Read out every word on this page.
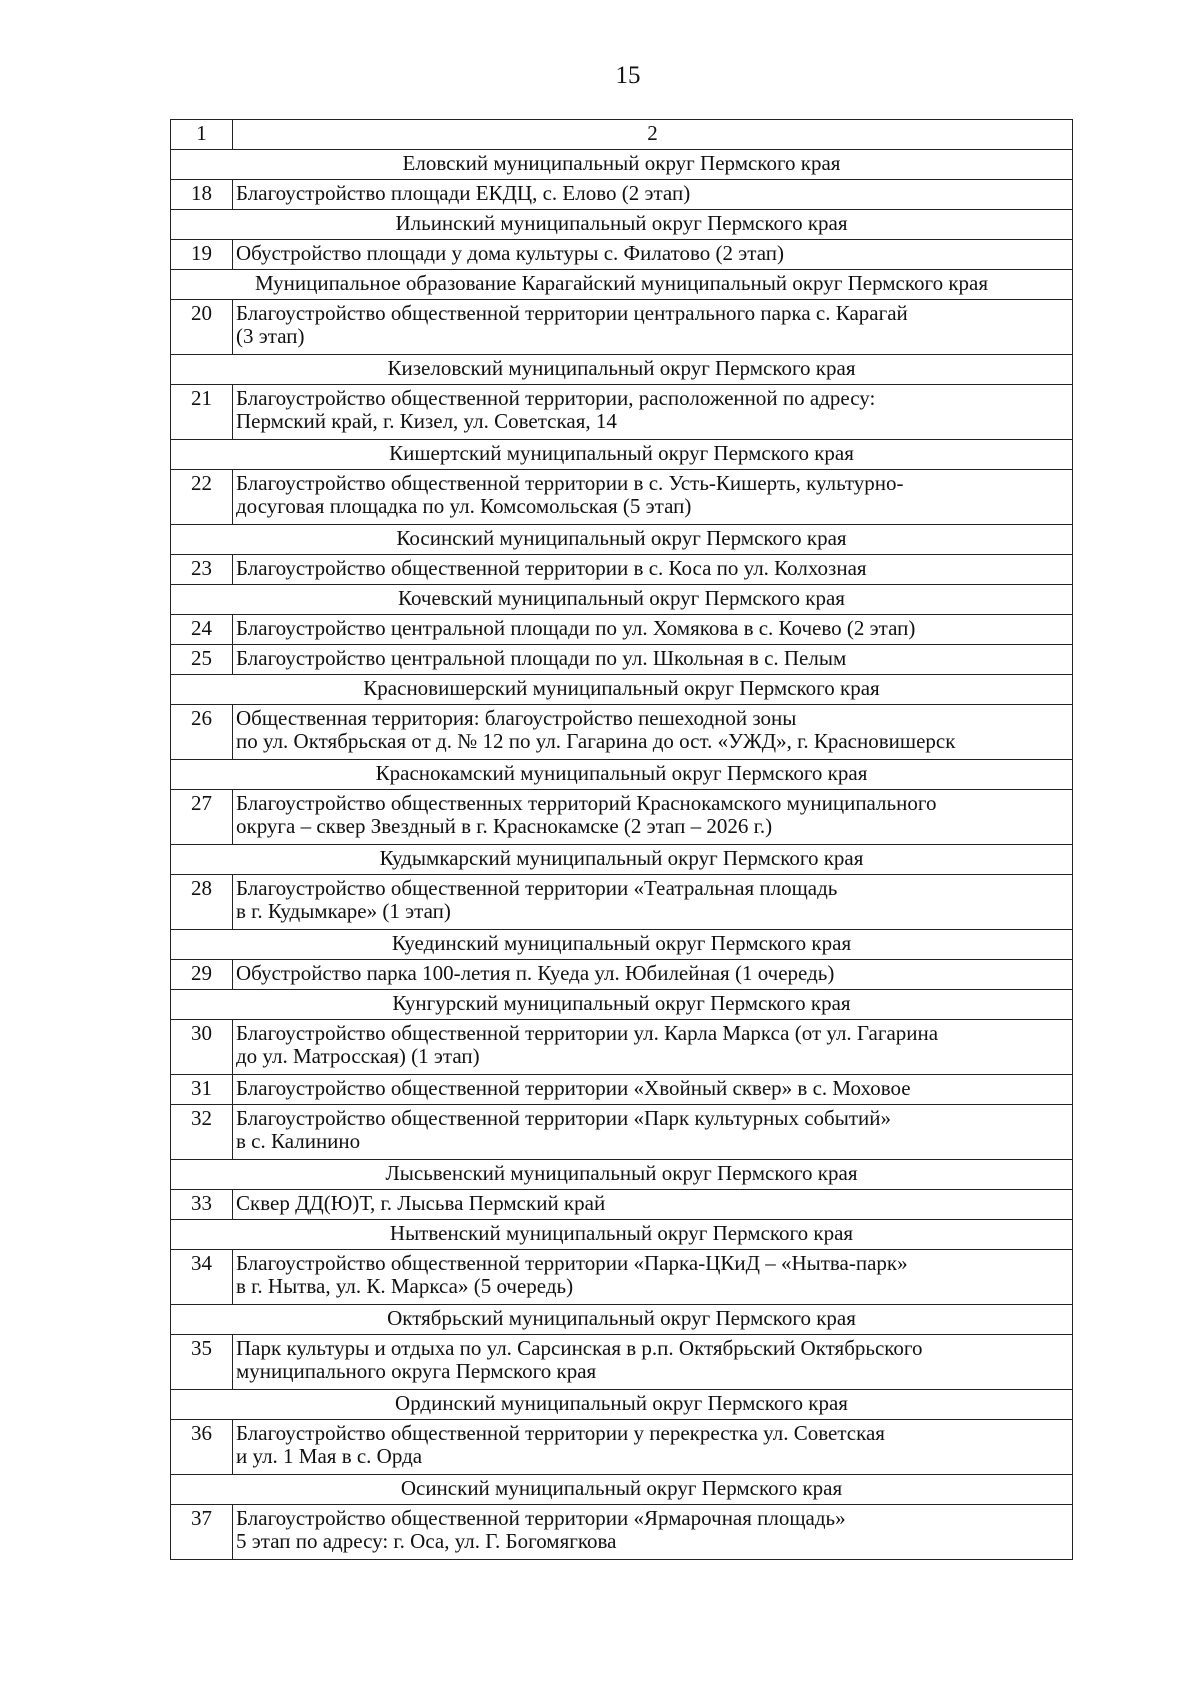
15
1	2
Еловский муниципальный округ Пермского края	
18	Благоустройство площади ЕКДЦ, с. Елово (2 этап)

Ильинский муниципальный округ Пермского края	
19	Обустройство площади у дома культуры с. Филатово (2 этап)

Муниципальное образование Карагайский муниципальный округ Пермского края	
20	Благоустройство общественной территории центрального парка с. Карагай
(3 этап)

Кизеловский муниципальный округ Пермского края	
21	Благоустройство общественной территории, расположенной по адресу:
Пермский край, г. Кизел, ул. Советская, 14

Кишертский муниципальный округ Пермского края	
22	Благоустройство общественной территории в с. Усть-Кишерть, культурно-
досуговая площадка по ул. Комсомольская (5 этап)

Косинский муниципальный округ Пермского края	
23	Благоустройство общественной территории в с. Коса по ул. Колхозная

Кочевский муниципальный округ Пермского края	
24	Благоустройство центральной площади по ул. Хомякова в с. Кочево (2 этап)

25	Благоустройство центральной площади по ул. Школьная в с. Пелым

Красновишерский муниципальный округ Пермского края	
26	Общественная территория: благоустройство пешеходной зоны
по ул. Октябрьская от д. № 12 по ул. Гагарина до ост. «УЖД», г. Красновишерск

Краснокамский муниципальный округ Пермского края	
27	Благоустройство общественных территорий Краснокамского муниципального
округа – сквер Звездный в г. Краснокамске (2 этап – 2026 г.)

Кудымкарский муниципальный округ Пермского края	
28	Благоустройство общественной территории «Театральная площадь
в г. Кудымкаре» (1 этап)

Куединский муниципальный округ Пермского края	
29	Обустройство парка 100-летия п. Куеда ул. Юбилейная (1 очередь)

Кунгурский муниципальный округ Пермского края	
30	Благоустройство общественной территории ул. Карла Маркса (от ул. Гагарина
до ул. Матросская) (1 этап)

31	Благоустройство общественной территории «Хвойный сквер» в с. Моховое

32	Благоустройство общественной территории «Парк культурных событий»
в с. Калинино

Лысьвенский муниципальный округ Пермского края	
33	Сквер ДД(Ю)Т, г. Лысьва Пермский край

Нытвенский муниципальный округ Пермского края	
34	Благоустройство общественной территории «Парка-ЦКиД – «Нытва-парк»
в г. Нытва, ул. К. Маркса» (5 очередь)

Октябрьский муниципальный округ Пермского края	
35	Парк культуры и отдыха по ул. Сарсинская в р.п. Октябрьский Октябрьского
муниципального округа Пермского края

Ординский муниципальный округ Пермского края	
36	Благоустройство общественной территории у перекрестка ул. Советская
и ул. 1 Мая в с. Орда

Осинский муниципальный округ Пермского края	
37	Благоустройство общественной территории «Ярмарочная площадь»
5 этап по адресу: г. Оса, ул. Г. Богомягкова
